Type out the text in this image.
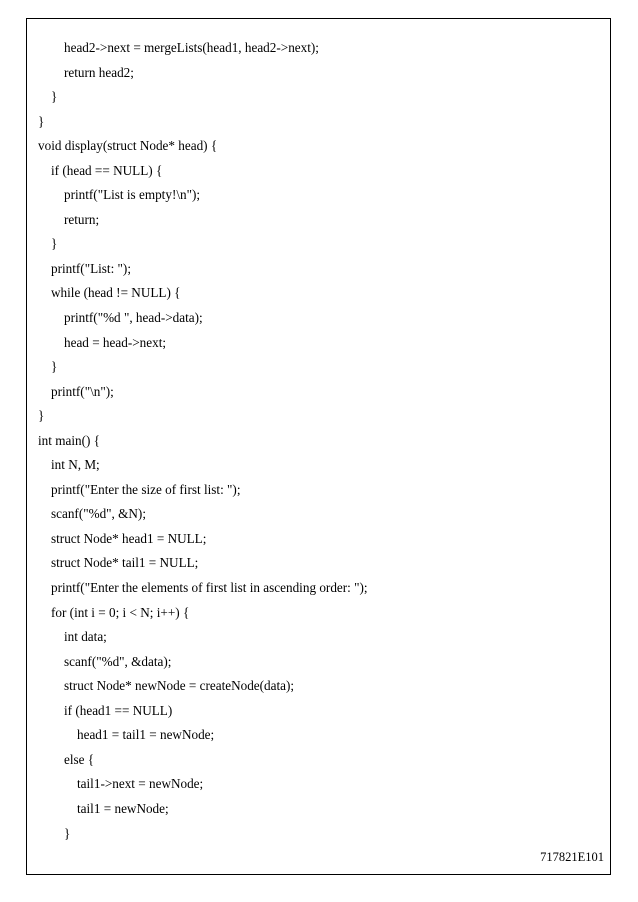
head2->next = mergeLists(head1, head2->next);
return head2;
}
}
void display(struct Node* head) {
if (head == NULL) {
printf("List is empty!\n");
return;
}
printf("List: ");
while (head != NULL) {
printf("%d ", head->data);
head = head->next;
}
printf("\n");
}
int main() {
int N, M;
printf("Enter the size of first list: ");
scanf("%d", &N);
struct Node* head1 = NULL;
struct Node* tail1 = NULL;
printf("Enter the elements of first list in ascending order: ");
for (int i = 0; i < N; i++) {
int data;
scanf("%d", &data);
struct Node* newNode = createNode(data);
if (head1 == NULL)
head1 = tail1 = newNode;
else {
tail1->next = newNode;
tail1 = newNode;
}
717821E101
